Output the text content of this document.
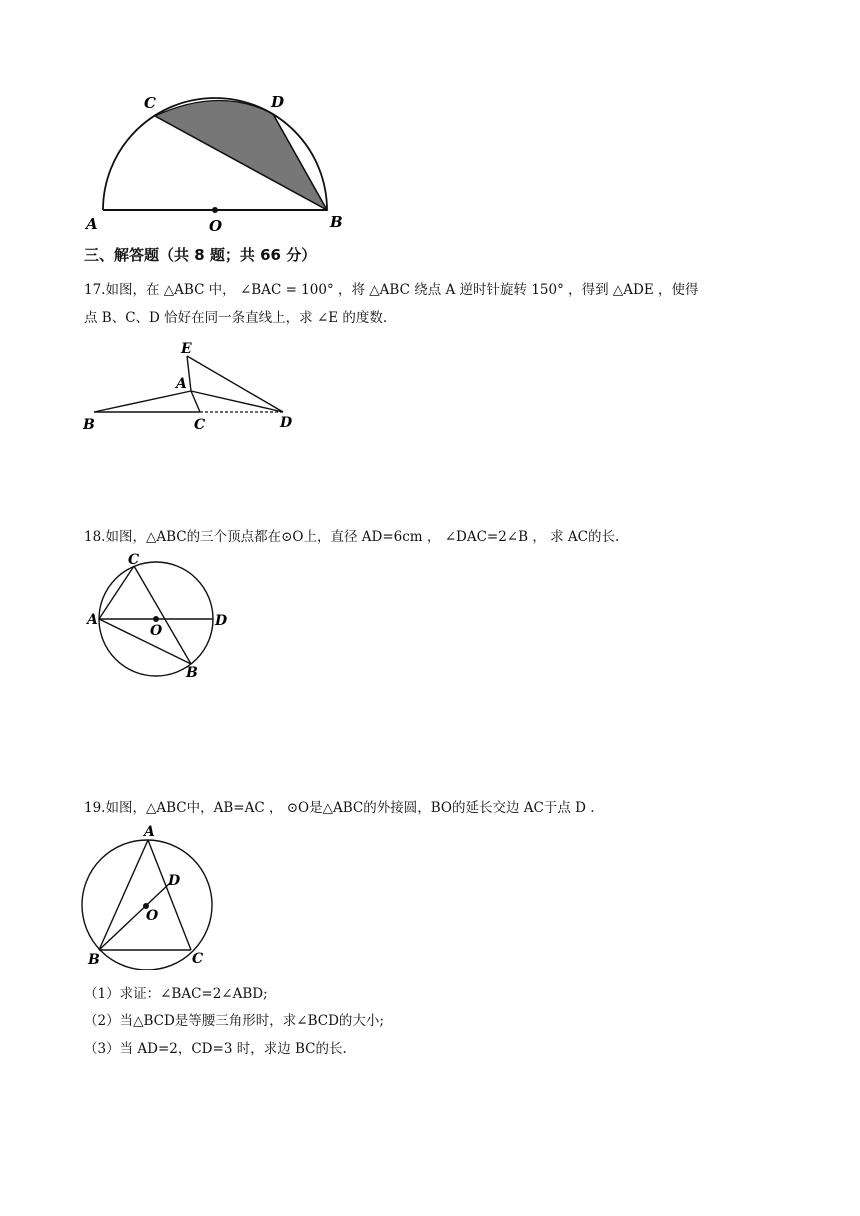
A	O	B
C	D
三、解答题（共 8 题；共 66 分）
17.如图，在 △ABC 中， ∠BAC = 100° ，将 △ABC 绕点 A 逆时针旋转 150° ，得到 △ADE ，使得
点 B、C、D 恰好在同一条直线上，求 ∠E 的度数.
E
A
B	C	D
18.如图，△ABC的三个顶点都在⊙O上，直径 AD=6cm ， ∠DAC=2∠B ， 求 AC的长.
C
A
O
D
B
19.如图，△ABC中，AB=AC ， ⊙O是△ABC的外接圆，BO的延长交边 AC于点 D .
A
D
O
B	C
（1）求证：∠BAC=2∠ABD;
（2）当△BCD是等腰三角形时，求∠BCD的大小;
（3）当 AD=2，CD=3 时，求边 BC的长.
